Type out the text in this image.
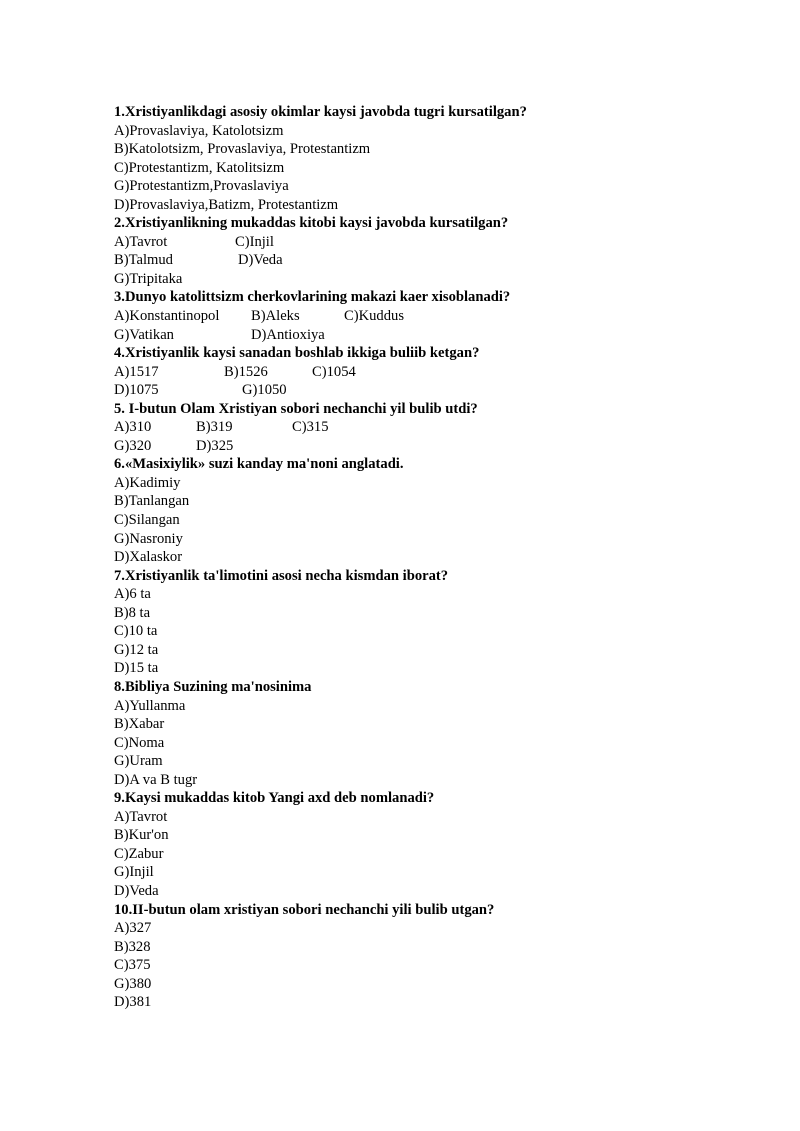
1.Xristiyanlikdagi asosiy okimlar kaysi javobda tugri kursatilgan?
A)Provaslaviya, Katolotsizm
B)Katolotsizm, Provaslaviya, Protestantizm
C)Protestantizm, Katolitsizm
G)Protestantizm,Provaslaviya
D)Provaslaviya,Batizm, Protestantizm
2.Xristiyanlikning mukaddas kitobi kaysi javobda kursatilgan?
A)Tavrot	C)Injil
B)Talmud	D)Veda
G)Tripitaka
3.Dunyo katolittsizm cherkovlarining makazi kaer xisoblanadi?
A)Konstantinopol B)Aleks	C)Kuddus
G)Vatikan	D)Antioxiya
4.Xristiyanlik kaysi sanadan boshlab ikkiga buliib ketgan?
A)1517	B)1526	C)1054
D)1075	G)1050
5. I-butun Olam Xristiyan sobori nechanchi yil bulib utdi?
A)310	B)319	C)315
G)320	D)325
6.«Masixiylik» suzi kanday ma'noni anglatadi.
A)Kadimiy
B)Tanlangan
C)Silangan
G)Nasroniy
D)Xalaskor
7.Xristiyanlik ta'limotini asosi necha kismdan iborat?
A)6 ta
B)8 ta
C)10 ta
G)12 ta
D)15 ta
8.Bibliya Suzining ma'nosinima
A)Yullanma
B)Xabar
C)Noma
G)Uram
D)A va B tugr
9.Kaysi mukaddas kitob Yangi axd deb nomlanadi?
A)Tavrot
B)Kur'on
C)Zabur
G)Injil
D)Veda
10.II-butun olam xristiyan sobori nechanchi yili bulib utgan?
A)327
B)328
C)375
G)380
D)381
